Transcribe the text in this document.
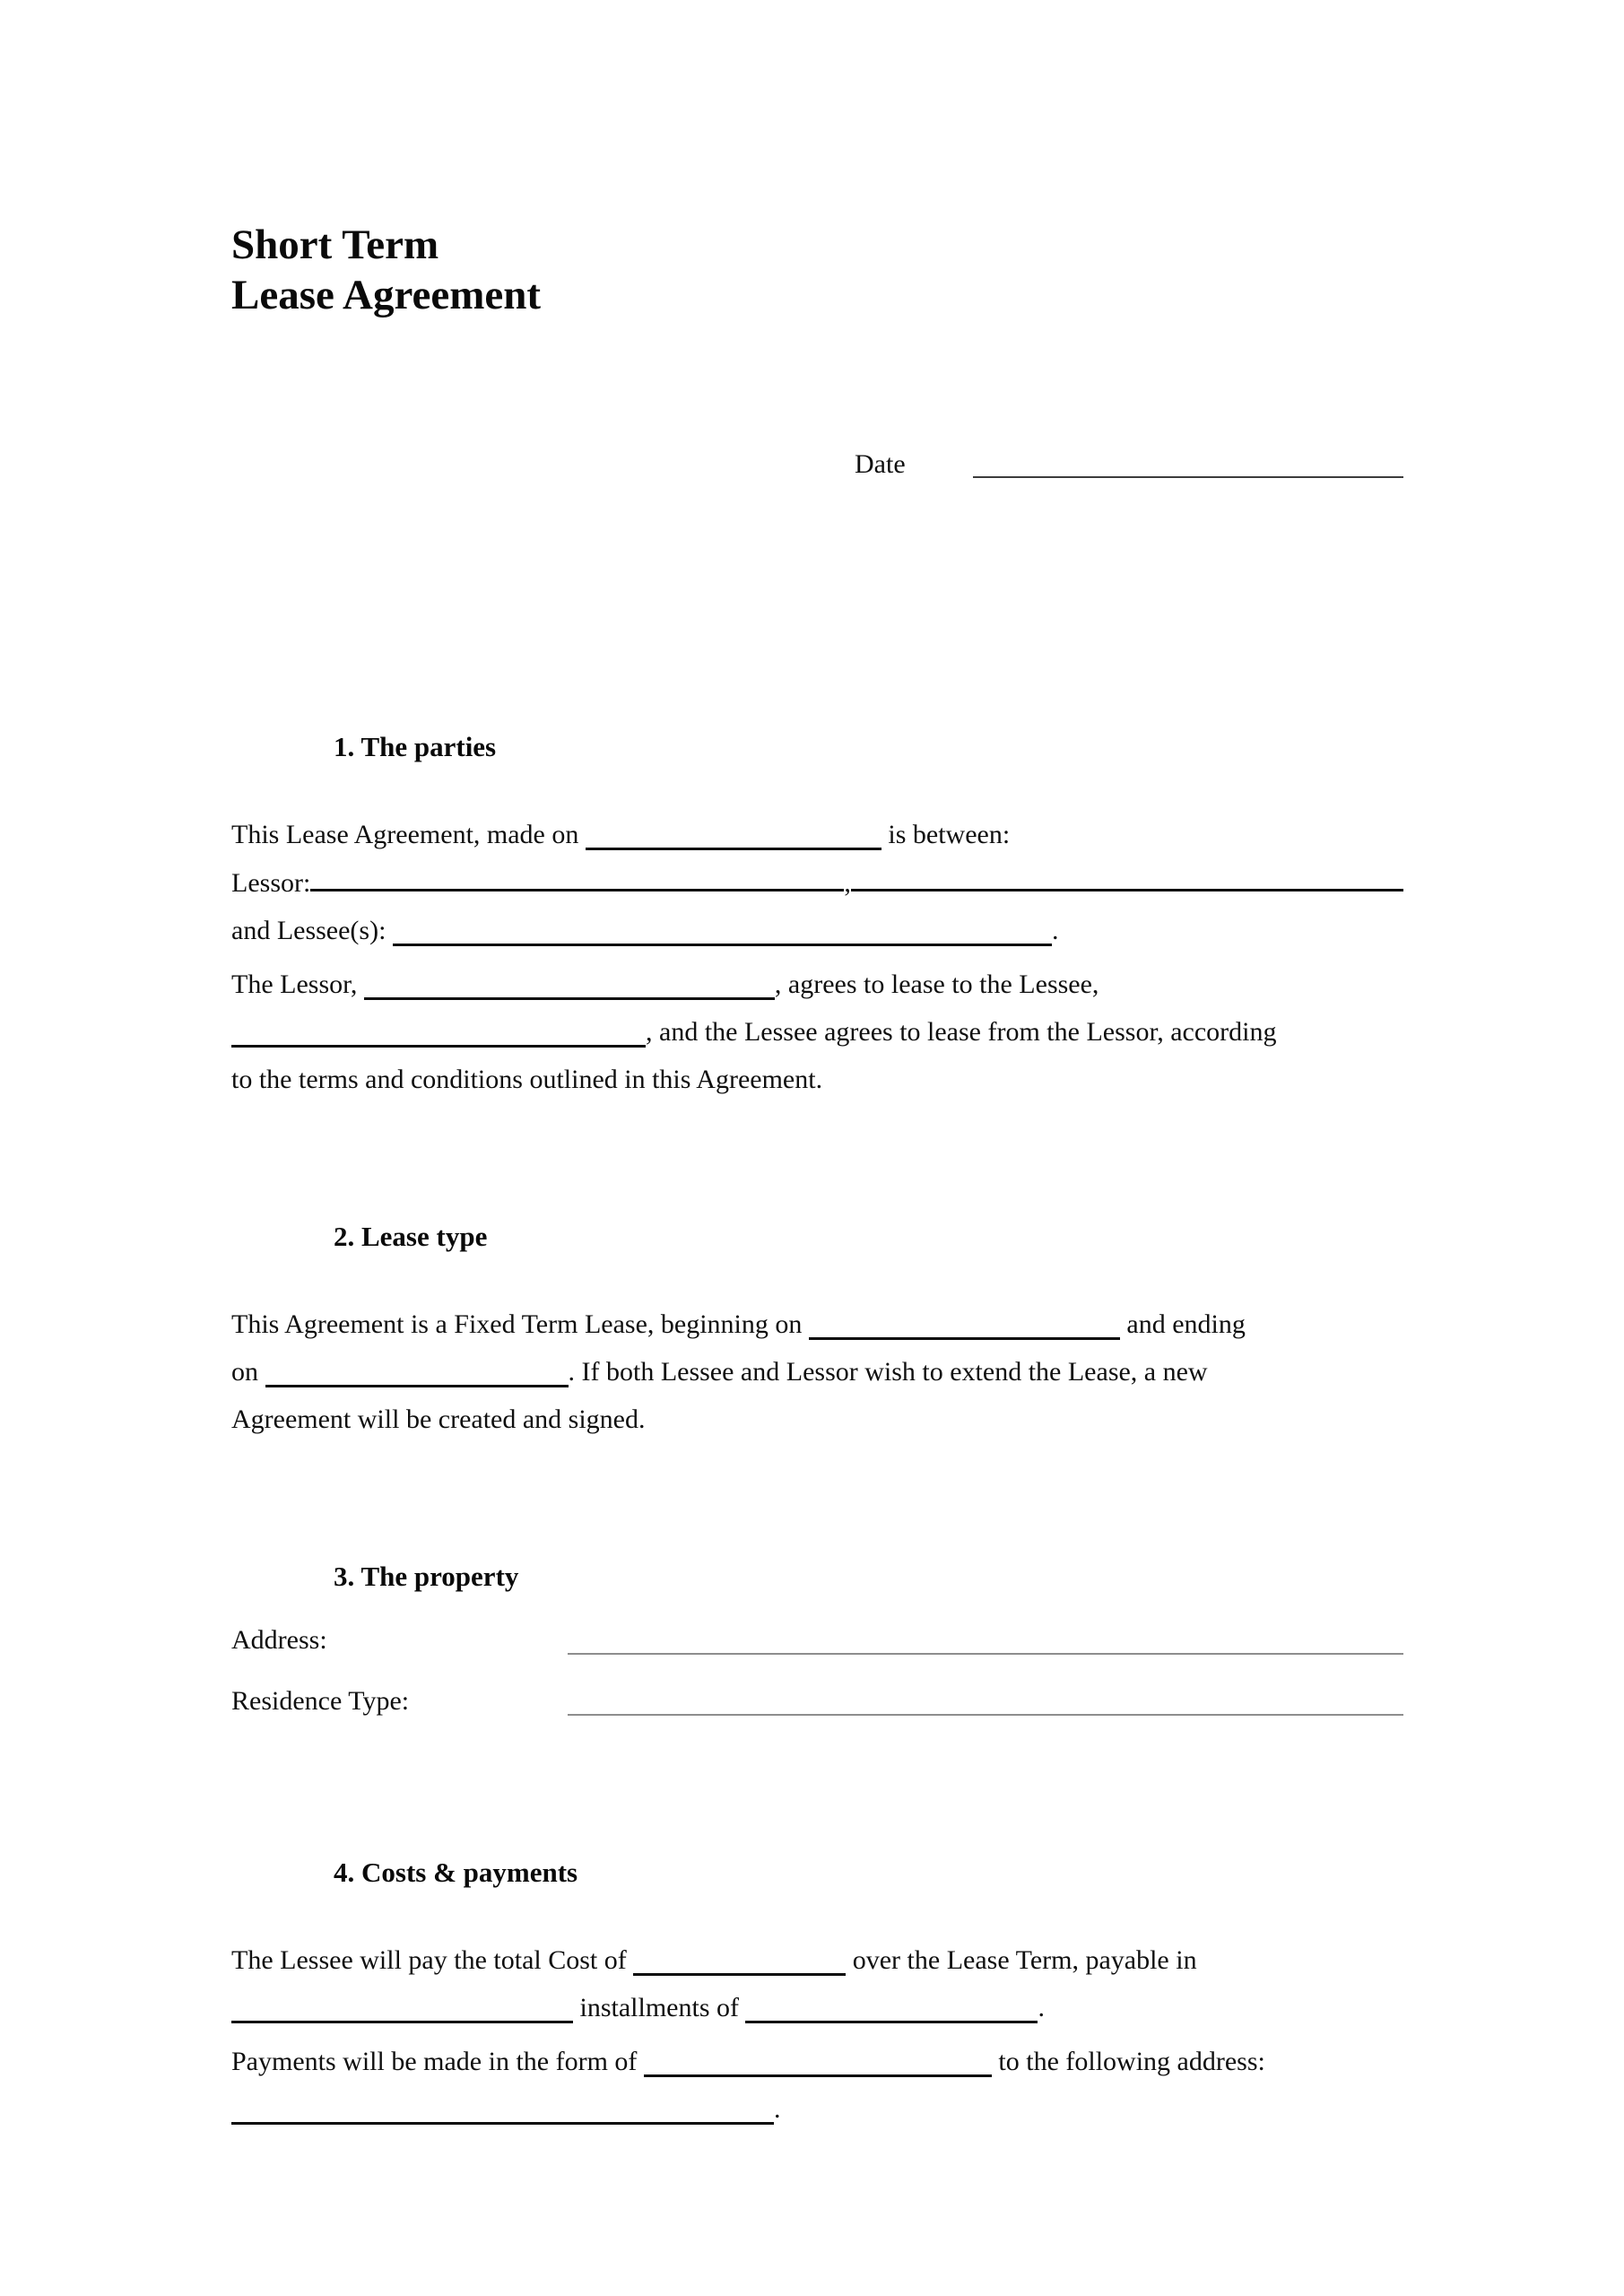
Short Term
Lease Agreement
Date
1. The parties
This Lease Agreement, made on	is between:
Lessor:	,
and Lessee(s):	.
The Lessor,	, agrees to lease to the Lessee,
, and the Lessee agrees to lease from the Lessor, according
to the terms and conditions outlined in this Agreement.
2. Lease type
This Agreement is a Fixed Term Lease, beginning on	and ending
on	. If both Lessee and Lessor wish to extend the Lease, a new
Agreement will be created and signed.
3. The property
Address:
Residence Type:
4. Costs & payments
The Lessee will pay the total Cost of	over the Lease Term, payable in
installments of	.
Payments will be made in the form of	to the following address:
.
